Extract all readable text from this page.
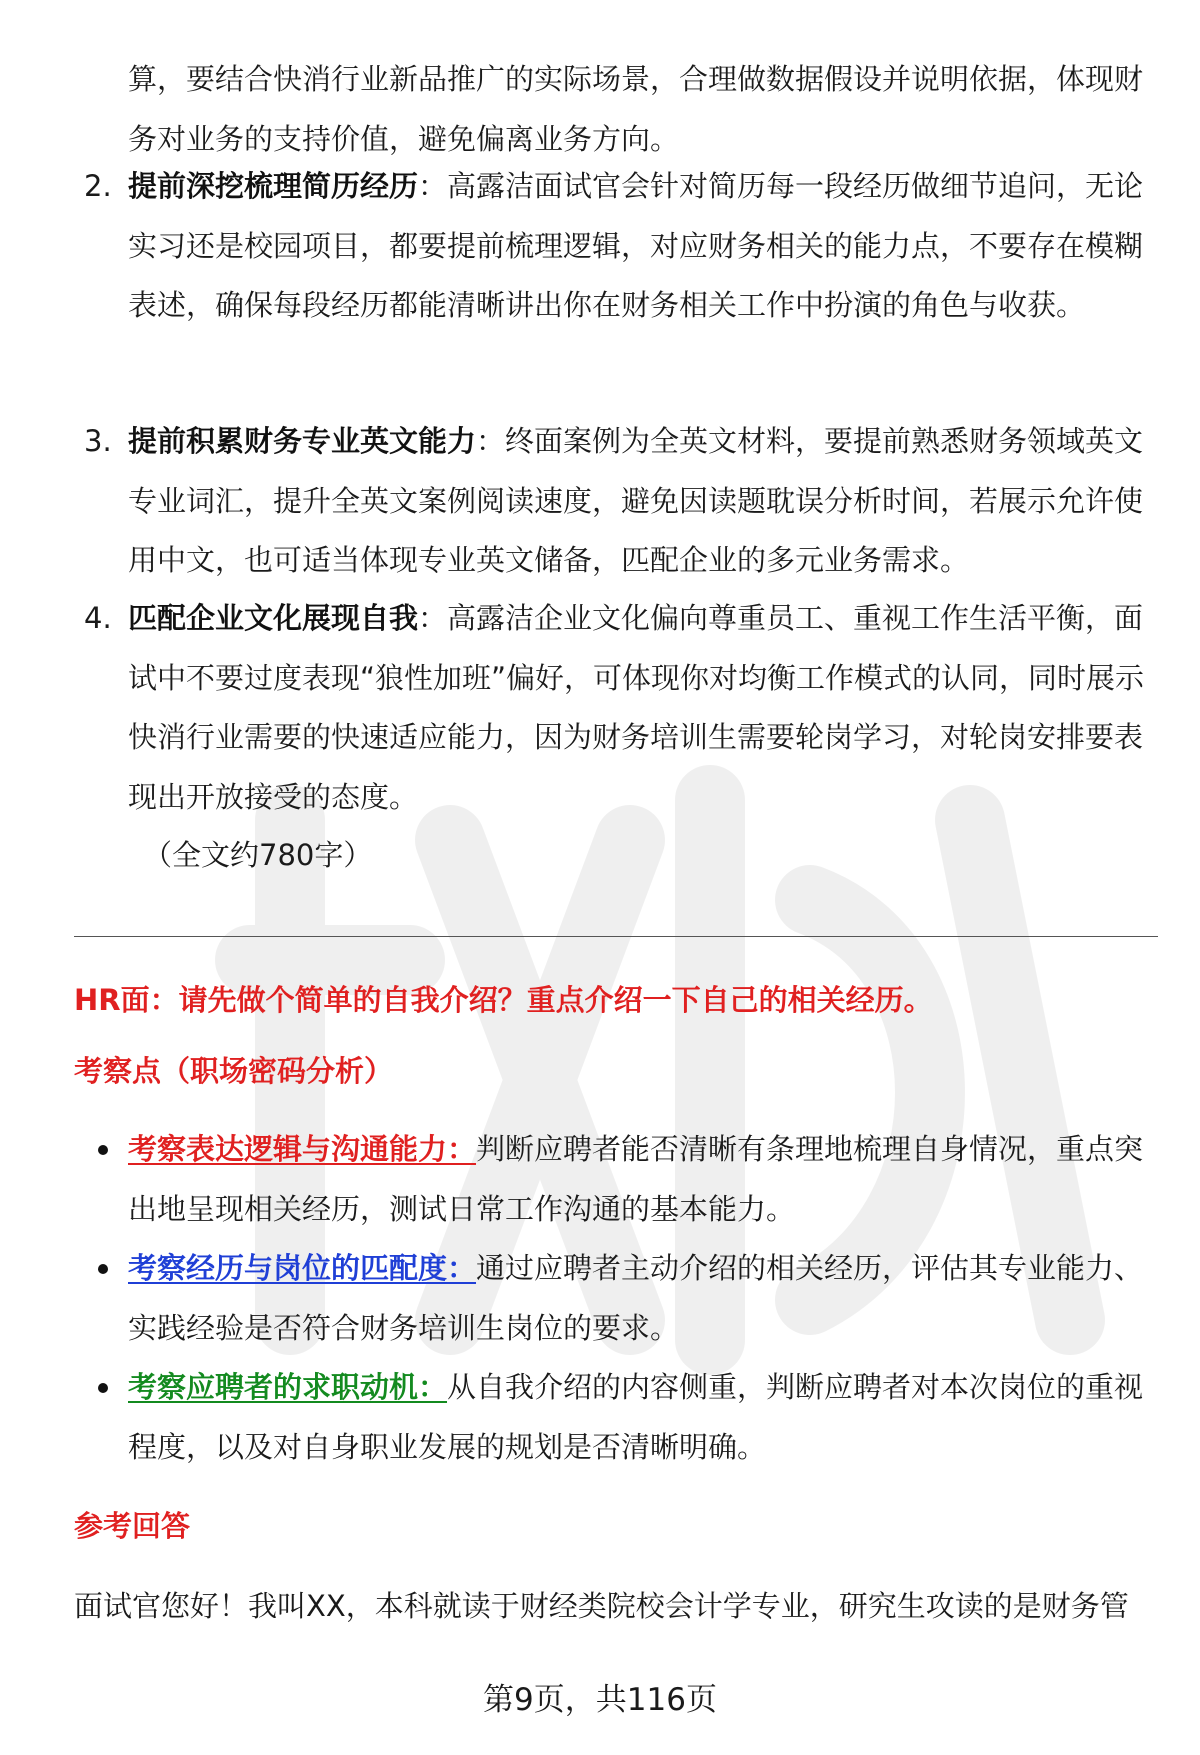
算，要结合快消行业新品推广的实际场景，合理做数据假设并说明依据，体现财务对业务的支持价值，避免偏离业务方向。
2. 提前深挖梳理简历经历：高露洁面试官会针对简历每一段经历做细节追问，无论实习还是校园项目，都要提前梳理逻辑，对应财务相关的能力点，不要存在模糊表述，确保每段经历都能清晰讲出你在财务相关工作中扮演的角色与收获。
3. 提前积累财务专业英文能力：终面案例为全英文材料，要提前熟悉财务领域英文专业词汇，提升全英文案例阅读速度，避免因读题耽误分析时间，若展示允许使用中文，也可适当体现专业英文储备，匹配企业的多元业务需求。
4. 匹配企业文化展现自我：高露洁企业文化偏向尊重员工、重视工作生活平衡，面试中不要过度表现“狼性加班”偏好，可体现你对均衡工作模式的认同，同时展示快消行业需要的快速适应能力，因为财务培训生需要轮岗学习，对轮岗安排要表现出开放接受的态度。
（全文约780字）
HR面：请先做个简单的自我介绍？重点介绍一下自己的相关经历。
考察点（职场密码分析）
考察表达逻辑与沟通能力：判断应聘者能否清晰有条理地梳理自身情况，重点突出地呈现相关经历，测试日常工作沟通的基本能力。
考察经历与岗位的匹配度：通过应聘者主动介绍的相关经历，评估其专业能力、实践经验是否符合财务培训生岗位的要求。
考察应聘者的求职动机：从自我介绍的内容侧重，判断应聘者对本次岗位的重视程度，以及对自身职业发展的规划是否清晰明确。
参考回答
面试官您好！我叫XX，本科就读于财经类院校会计学专业，研究生攻读的是财务管
第9页，共116页
